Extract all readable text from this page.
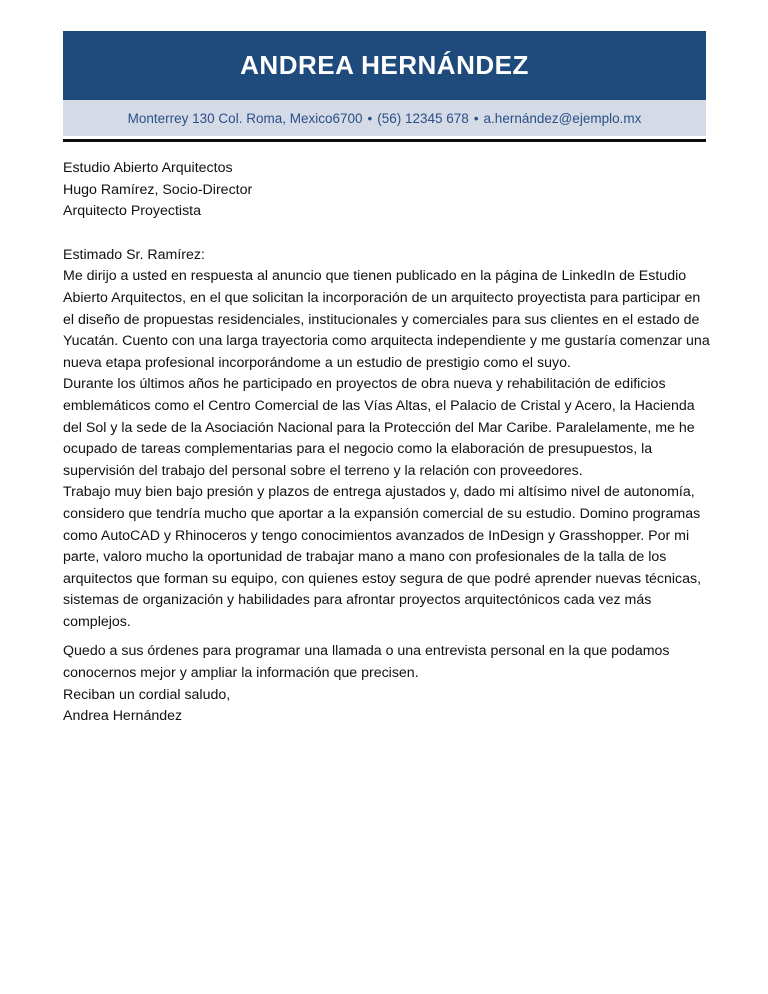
ANDREA HERNÁNDEZ
Monterrey 130 Col. Roma, Mexico6700 • (56) 12345 678 • a.hernández@ejemplo.mx

Estudio Abierto Arquitectos

Hugo Ramírez, Socio-Director

Arquitecto Proyectista

Estimado Sr. Ramírez:

Me dirijo a usted en respuesta al anuncio que tienen publicado en la página de LinkedIn de Estudio Abierto Arquitectos, en el que solicitan la incorporación de un arquitecto proyectista para participar en el diseño de propuestas residenciales, institucionales y comerciales para sus clientes en el estado de Yucatán. Cuento con una larga trayectoria como arquitecta independiente y me gustaría comenzar una nueva etapa profesional incorporándome a un estudio de prestigio como el suyo.

Durante los últimos años he participado en proyectos de obra nueva y rehabilitación de edificios emblemáticos como el Centro Comercial de las Vías Altas, el Palacio de Cristal y Acero, la Hacienda del Sol y la sede de la Asociación Nacional para la Protección del Mar Caribe. Paralelamente, me he ocupado de tareas complementarias para el negocio como la elaboración de presupuestos, la supervisión del trabajo del personal sobre el terreno y la relación con proveedores.

Trabajo muy bien bajo presión y plazos de entrega ajustados y, dado mi altísimo nivel de autonomía, considero que tendría mucho que aportar a la expansión comercial de su estudio. Domino programas como AutoCAD y Rhinoceros y tengo conocimientos avanzados de InDesign y Grasshopper. Por mi parte, valoro mucho la oportunidad de trabajar mano a mano con profesionales de la talla de los arquitectos que forman su equipo, con quienes estoy segura de que podré aprender nuevas técnicas, sistemas de organización y habilidades para afrontar proyectos arquitectónicos cada vez más complejos.

Quedo a sus órdenes para programar una llamada o una entrevista personal en la que podamos conocernos mejor y ampliar la información que precisen.

Reciban un cordial saludo,

Andrea Hernández
